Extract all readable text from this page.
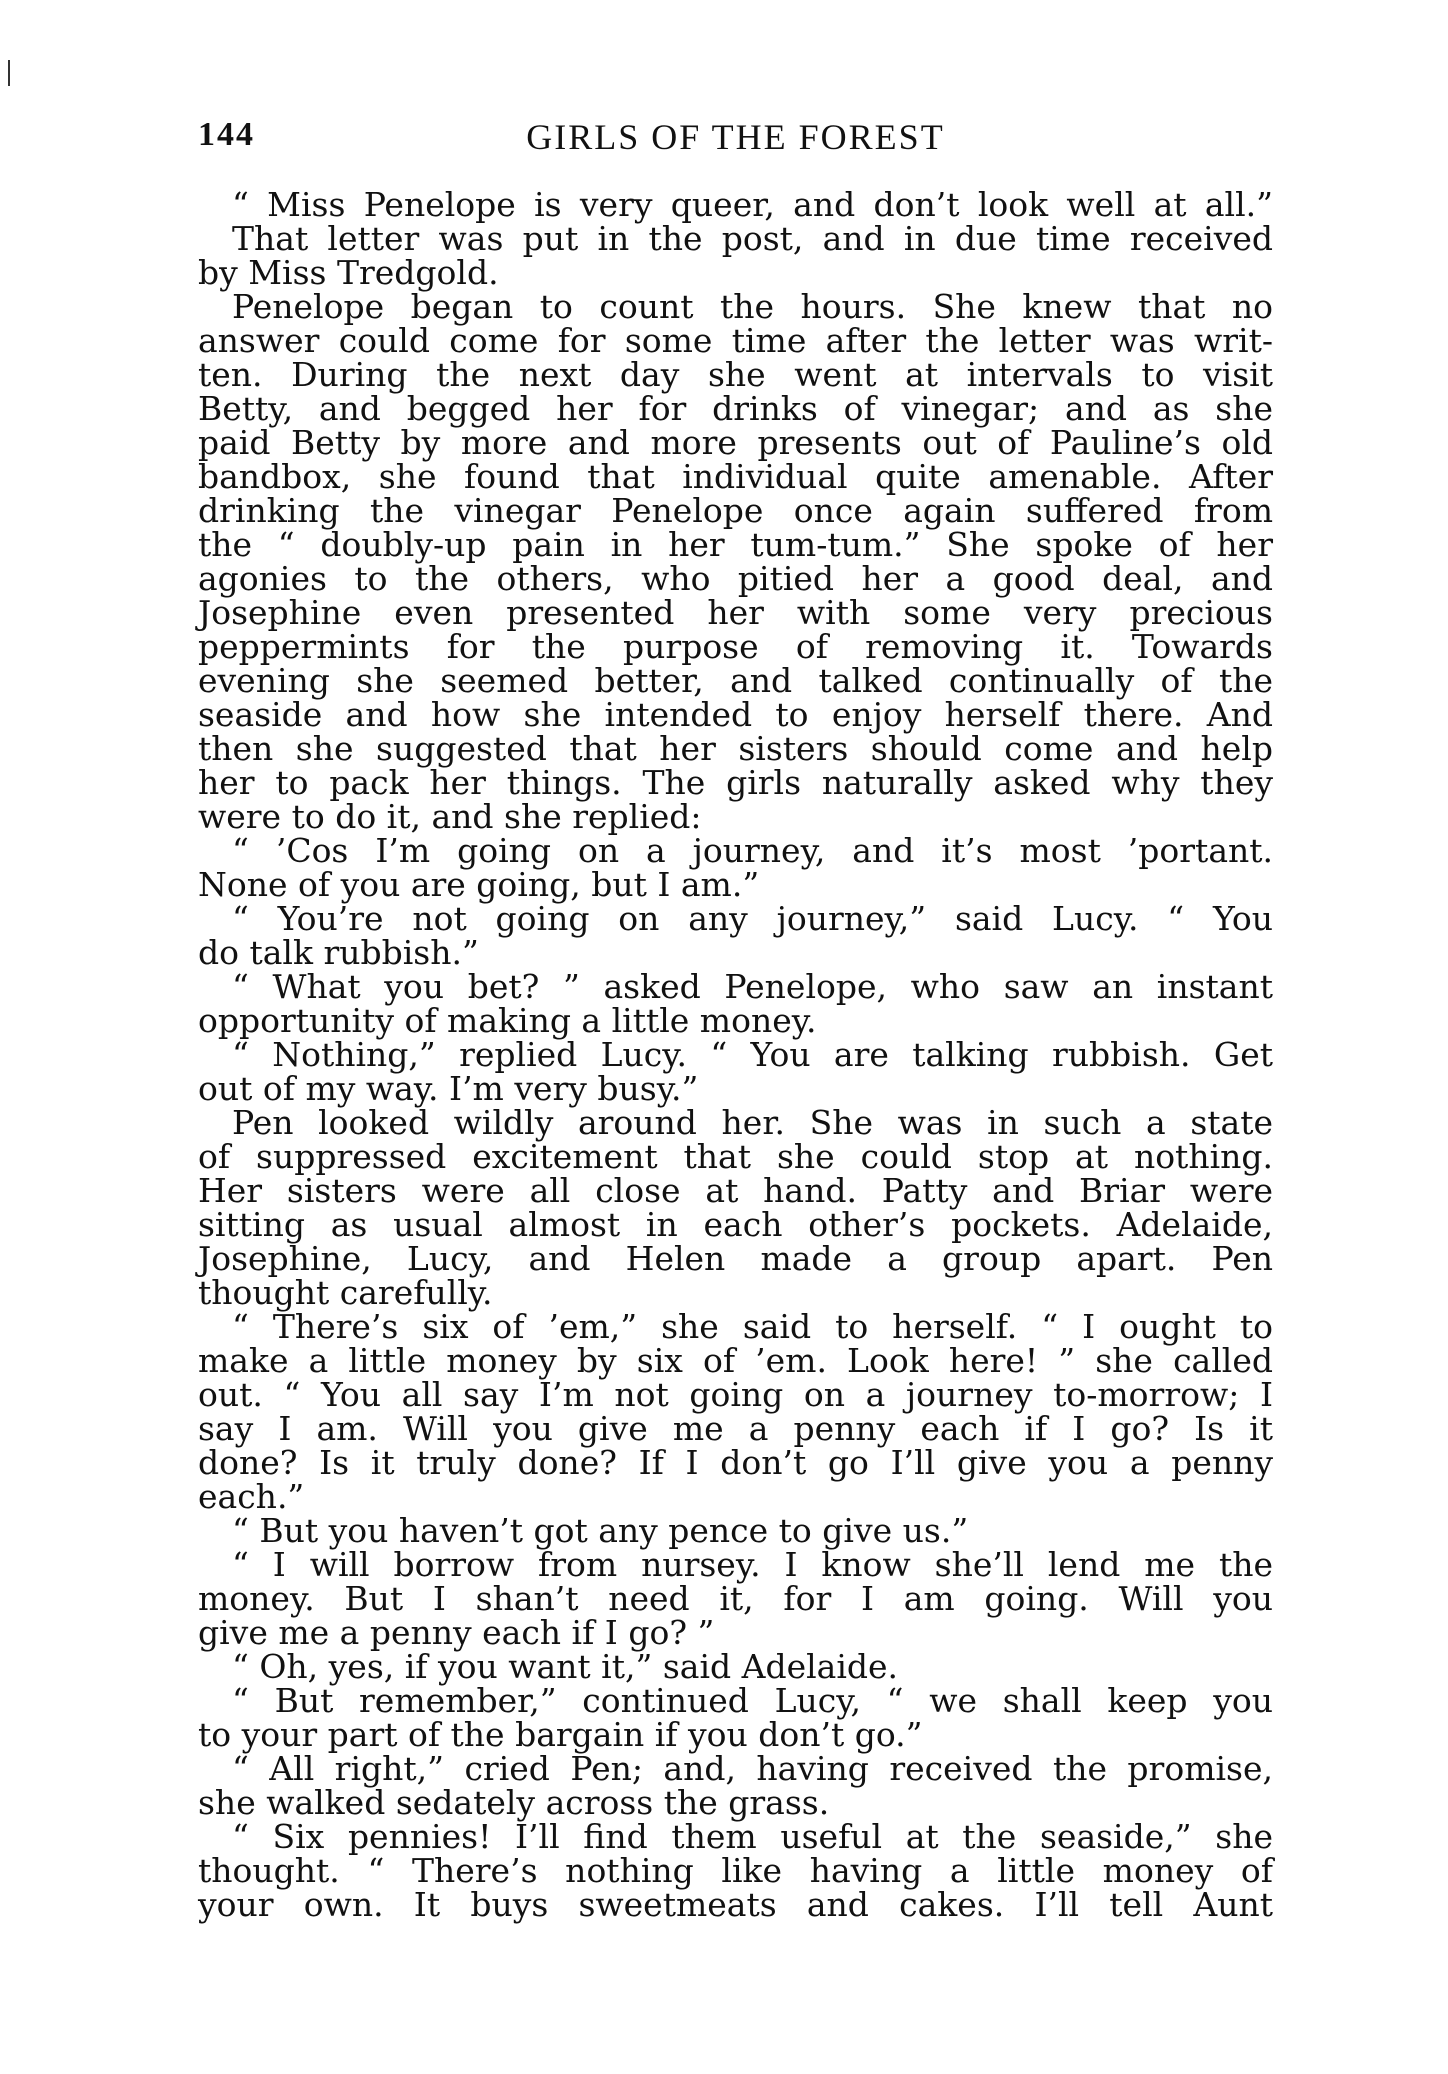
144	GIRLS OF THE FOREST
“ Miss Penelope is very queer, and don’t look well at all.”
That letter was put in the post, and in due time received
by Miss Tredgold.
Penelope began to count the hours. She knew that no
answer could come for some time after the letter was writ-
ten. During the next day she went at intervals to visit
Betty, and begged her for drinks of vinegar; and as she
paid Betty by more and more presents out of Pauline’s old
bandbox, she found that individual quite amenable. After
drinking the vinegar Penelope once again suffered from
the “ doubly-up pain in her tum-tum.” She spoke of her
agonies to the others, who pitied her a good deal, and
Josephine even presented her with some very precious
peppermints for the purpose of removing it. Towards
evening she seemed better, and talked continually of the
seaside and how she intended to enjoy herself there. And
then she suggested that her sisters should come and help
her to pack her things. The girls naturally asked why they
were to do it, and she replied:
“ ’Cos I’m going on a journey, and it’s most ’portant.
None of you are going, but I am.”
“ You’re not going on any journey,” said Lucy. “ You
do talk rubbish.”
“ What you bet? ” asked Penelope, who saw an instant
opportunity of making a little money.
“ Nothing,” replied Lucy. “ You are talking rubbish. Get
out of my way. I’m very busy.”
Pen looked wildly around her. She was in such a state
of suppressed excitement that she could stop at nothing.
Her sisters were all close at hand. Patty and Briar were
sitting as usual almost in each other’s pockets. Adelaide,
Josephine, Lucy, and Helen made a group apart. Pen
thought carefully.
“ There’s six of ’em,” she said to herself. “ I ought to
make a little money by six of ’em. Look here! ” she called
out. “ You all say I’m not going on a journey to-morrow; I
say I am. Will you give me a penny each if I go? Is it
done? Is it truly done? If I don’t go I’ll give you a penny
each.”
“ But you haven’t got any pence to give us.”
“ I will borrow from nursey. I know she’ll lend me the
money. But I shan’t need it, for I am going. Will you
give me a penny each if I go? ”
“ Oh, yes, if you want it,” said Adelaide.
“ But remember,” continued Lucy, “ we shall keep you
to your part of the bargain if you don’t go.”
“ All right,” cried Pen; and, having received the promise,
she walked sedately across the grass.
“ Six pennies! I’ll find them useful at the seaside,” she
thought. “ There’s nothing like having a little money of
your own. It buys sweetmeats and cakes. I’ll tell Aunt
